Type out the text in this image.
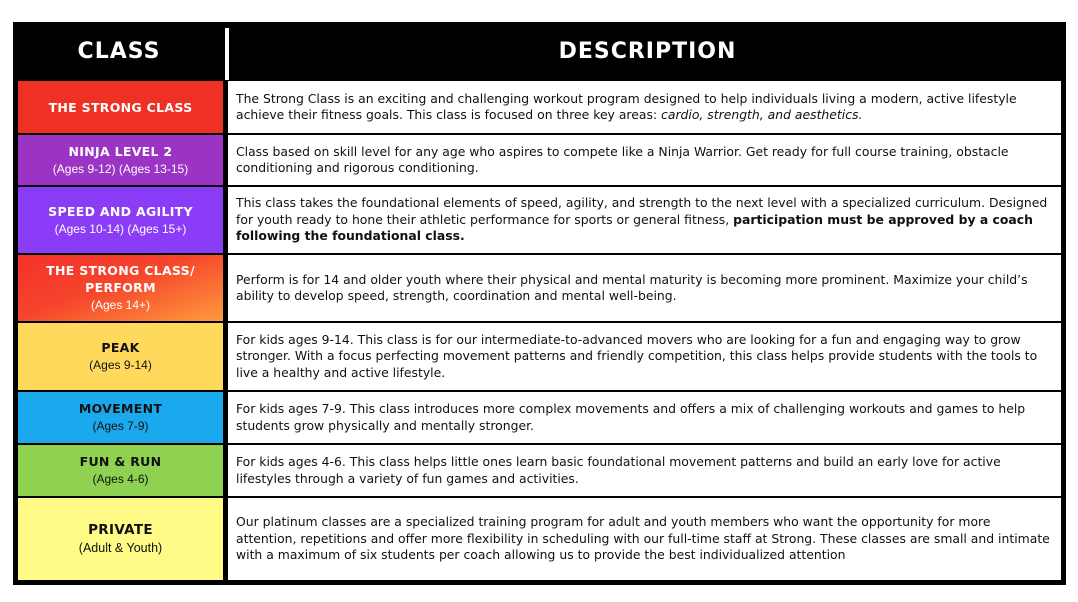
CLASS	DESCRIPTION
THE STRONG CLASS
The Strong Class is an exciting and challenging workout program designed to help individuals living a modern, active lifestyle achieve their fitness goals. This class is focused on three key areas: cardio, strength, and aesthetics.
NINJA LEVEL 2
(Ages 9-12) (Ages 13-15)
Class based on skill level for any age who aspires to compete like a Ninja Warrior. Get ready for full course training, obstacle conditioning and rigorous conditioning.
SPEED AND AGILITY
(Ages 10-14) (Ages 15+)
This class takes the foundational elements of speed, agility, and strength to the next level with a specialized curriculum. Designed for youth ready to hone their athletic performance for sports or general fitness, participation must be approved by a coach following the foundational class.
THE STRONG CLASS/
PERFORM
(Ages 14+)
Perform is for 14 and older youth where their physical and mental maturity is becoming more prominent. Maximize your child’s ability to develop speed, strength, coordination and mental well-being.
PEAK
(Ages 9-14)
For kids ages 9-14. This class is for our intermediate-to-advanced movers who are looking for a fun and engaging way to grow stronger. With a focus perfecting movement patterns and friendly competition, this class helps provide students with the tools to live a healthy and active lifestyle.
MOVEMENT
(Ages 7-9)
For kids ages 7-9. This class introduces more complex movements and offers a mix of challenging workouts and games to help students grow physically and mentally stronger.
FUN & RUN
(Ages 4-6)
For kids ages 4-6. This class helps little ones learn basic foundational movement patterns and build an early love for active lifestyles through a variety of fun games and activities.
PRIVATE
(Adult & Youth)
Our platinum classes are a specialized training program for adult and youth members who want the opportunity for more attention, repetitions and offer more flexibility in scheduling with our full-time staff at Strong. These classes are small and intimate with a maximum of six students per coach allowing us to provide the best individualized attention
